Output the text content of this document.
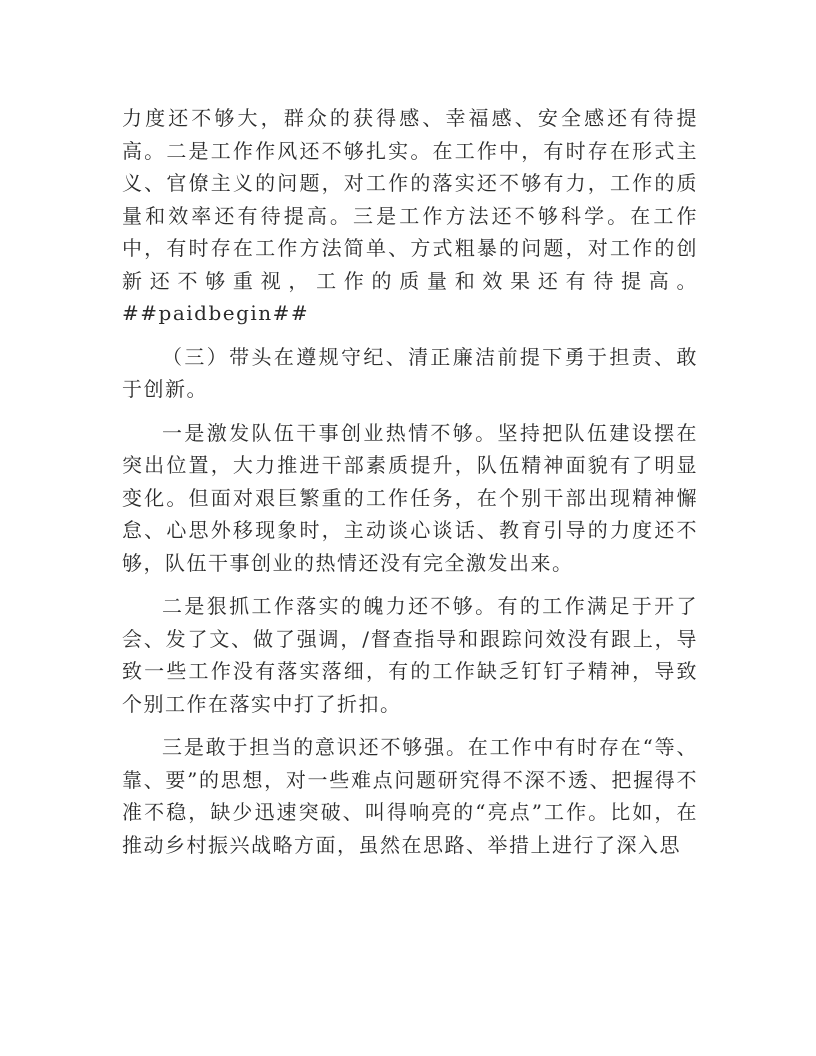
力度还不够大，群众的获得感、幸福感、安全感还有待提高。二是工作作风还不够扎实。在工作中，有时存在形式主义、官僚主义的问题，对工作的落实还不够有力，工作的质量和效率还有待提高。三是工作方法还不够科学。在工作中，有时存在工作方法简单、方式粗暴的问题，对工作的创新还不够重视，工作的质量和效果还有待提高。##paidbegin##

（三）带头在遵规守纪、清正廉洁前提下勇于担责、敢于创新。

一是激发队伍干事创业热情不够。坚持把队伍建设摆在突出位置，大力推进干部素质提升，队伍精神面貌有了明显变化。但面对艰巨繁重的工作任务，在个别干部出现精神懈怠、心思外移现象时，主动谈心谈话、教育引导的力度还不够，队伍干事创业的热情还没有完全激发出来。

二是狠抓工作落实的魄力还不够。有的工作满足于开了会、发了文、做了强调，/督查指导和跟踪问效没有跟上，导致一些工作没有落实落细，有的工作缺乏钉钉子精神，导致个别工作在落实中打了折扣。

三是敢于担当的意识还不够强。在工作中有时存在“等、靠、要”的思想，对一些难点问题研究得不深不透、把握得不准不稳，缺少迅速突破、叫得响亮的“亮点”工作。比如，在推动乡村振兴战略方面，虽然在思路、举措上进行了深入思
